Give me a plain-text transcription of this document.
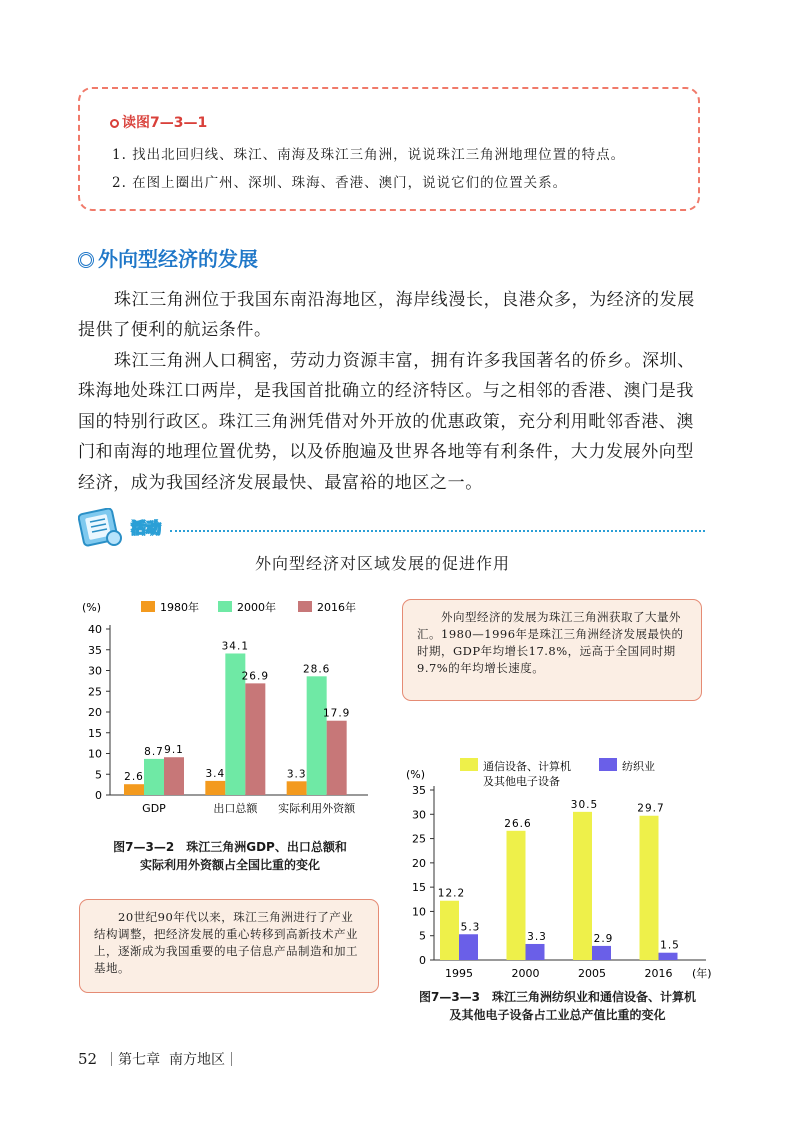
读图7—3—1
1. 找出北回归线、珠江、南海及珠江三角洲，说说珠江三角洲地理位置的特点。
2. 在图上圈出广州、深圳、珠海、香港、澳门，说说它们的位置关系。
外向型经济的发展
珠江三角洲位于我国东南沿海地区，海岸线漫长，良港众多，为经济的发展提供了便利的航运条件。
珠江三角洲人口稠密，劳动力资源丰富，拥有许多我国著名的侨乡。深圳、珠海地处珠江口两岸，是我国首批确立的经济特区。与之相邻的香港、澳门是我国的特别行政区。珠江三角洲凭借对外开放的优惠政策，充分利用毗邻香港、澳门和南海的地理位置优势，以及侨胞遍及世界各地等有利条件，大力发展外向型经济，成为我国经济发展最快、最富裕的地区之一。
活动
外向型经济对区域发展的促进作用
(%)
0
5
10
15
20
25
30
35
40
2.6
8.7 9.1
GDP
3.4
34.1
26.9
出口总额
3.3
28.6
17.9
实际利用外资额
1980年	2000年	2016年
图7—3—2　珠江三角洲GDP、出口总额和
实际利用外资额占全国比重的变化
外向型经济的发展为珠江三角洲获取了大量外汇。1980—1996年是珠江三角洲经济发展最快的时期，GDP年均增长17.8%，远高于全国同时期9.7%的年均增长速度。
(%)
0
5
10
15
20
25
30
35
12.2
5.3
1995
26.6
3.3
2000
30.5
2.9
2005
29.7
1.5
2016 (年)
通信设备、计算机
及其他电子设备
纺织业
图7—3—3　珠江三角洲纺织业和通信设备、计算机
及其他电子设备占工业总产值比重的变化
20世纪90年代以来，珠江三角洲进行了产业结构调整，把经济发展的重心转移到高新技术产业上，逐渐成为我国重要的电子信息产品制造和加工基地。
52 第七章 南方地区
